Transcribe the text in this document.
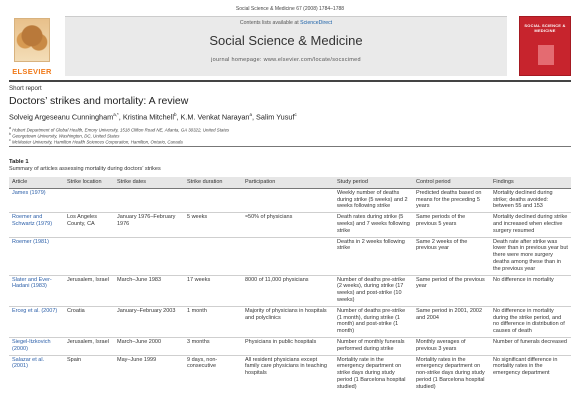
Social Science & Medicine 67 (2008) 1784–1788
ELSEVIER
Contents lists available at ScienceDirect
Social Science & Medicine
journal homepage: www.elsevier.com/locate/socscimed
SOCIAL SCIENCE & MEDICINE
Short report
Doctors’ strikes and mortality: A review
Solveig Argeseanu Cunningham$^{a,*}$, Kristina Mitchell$^b$, K.M. Venkat Narayan$^a$, Salim Yusuf$^c$
$^a$ Hubert Department of Global Health, Emory University, 1518 Clifton Road NE, Atlanta, GA 30322, United States
$^b$ Georgetown University, Washington, DC, United States
$^c$ McMaster University, Hamilton Health Sciences Corporation, Hamilton, Ontario, Canada
Table 1
Summary of articles assessing mortality during doctors’ strikes
Article	Strike location	Strike dates	Strike duration	Participation	Study period	Control period	Findings
James (1979)					Weekly number of deaths during strike (5 weeks) and 2 weeks following strike	Predicted deaths based on means for the preceding 5 years	Mortality declined during strike; deaths avoided: between 55 and 153
Roemer and Schwartz (1979)	Los Angeles County, CA	January 1976–February 1976	5 weeks	≈50% of physicians	Death rates during strike (5 weeks) and 7 weeks following strike	Same periods of the previous 5 years	Mortality declined during strike and increased when elective surgery resumed
Roemer (1981)					Deaths in 2 weeks following strike	Same 2 weeks of the previous year	Death rate after strike was lower than in previous year but there were more surgery deaths among these than in the previous year
Slater and Ever-Hadani (1983)	Jerusalem, Israel	March–June 1983	17 weeks	8000 of 11,000 physicians	Number of deaths pre-strike (2 weeks), during strike (17 weeks) and post-strike (10 weeks)	Same period of the previous year	No difference in mortality
Erceg et al. (2007)	Croatia	January–February 2003	1 month	Majority of physicians in hospitals and polyclinics	Number of deaths pre-strike (1 month), during strike (1 month) and post-strike (1 month)	Same period in 2001, 2002 and 2004	No difference in mortality during the strike period, and no difference in distribution of causes of death
Siegel-Itzkovich (2000)	Jerusalem, Israel	March–June 2000	3 months	Physicians in public hospitals	Number of monthly funerals performed during strike	Monthly averages of previous 3 years	Number of funerals decreased
Salazar et al. (2001)	Spain	May–June 1999	9 days, non-consecutive	All resident physicians except family care physicians in teaching hospitals	Mortality rate in the emergency department on strike days during study period (1 Barcelona hospital studied)	Mortality rates in the emergency department on non-strike days during study period (1 Barcelona hospital studied)	No significant difference in mortality rates in the emergency department
